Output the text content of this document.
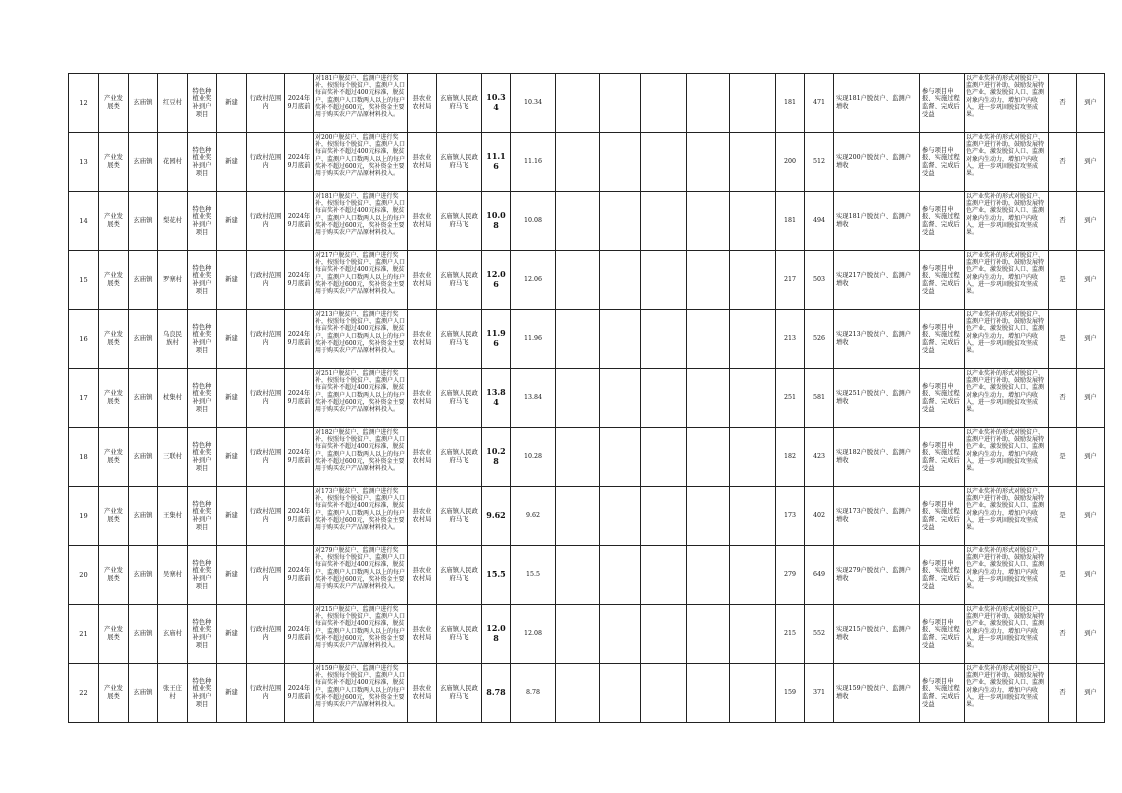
12	产业发展类	玄庙镇	红豆村	特色种植业奖补到户项目	新建	行政村范围内	2024年9月底前	对181户脱贫户、监测户进行奖补，按照每个脱贫户、监测户人口每亩奖补不超过400元标准，脱贫户、监测户人口数两人以上的每户奖补不超过600元，奖补资金主要用于购买农户产品原材料投入。	县农业农村局	玄庙镇人民政府马飞	10.34	10.34						181	471	实现181户脱贫户、监测户增收	参与项目申报、实施过程监督、完成后受益	以产业奖补的形式对脱贫户、监测户进行补助，鼓励发展特色产业，激发脱贫人口、监测对象内生动力，增加户内收入，进一步巩固脱贫攻坚成果。	否	到户
13	产业发展类	玄庙镇	花园村	特色种植业奖补到户项目	新建	行政村范围内	2024年9月底前	对200户脱贫户、监测户进行奖补，按照每个脱贫户、监测户人口每亩奖补不超过400元标准，脱贫户、监测户人口数两人以上的每户奖补不超过600元，奖补资金主要用于购买农户产品原材料投入。	县农业农村局	玄庙镇人民政府马飞	11.16	11.16						200	512	实现200户脱贫户、监测户增收	参与项目申报、实施过程监督、完成后受益	以产业奖补的形式对脱贫户、监测户进行补助，鼓励发展特色产业，激发脱贫人口、监测对象内生动力，增加户内收入，进一步巩固脱贫攻坚成果。	否	到户
14	产业发展类	玄庙镇	梨花村	特色种植业奖补到户项目	新建	行政村范围内	2024年9月底前	对181户脱贫户、监测户进行奖补，按照每个脱贫户、监测户人口每亩奖补不超过400元标准，脱贫户、监测户人口数两人以上的每户奖补不超过600元，奖补资金主要用于购买农户产品原材料投入。	县农业农村局	玄庙镇人民政府马飞	10.08	10.08						181	494	实现181户脱贫户、监测户增收	参与项目申报、实施过程监督、完成后受益	以产业奖补的形式对脱贫户、监测户进行补助，鼓励发展特色产业，激发脱贫人口、监测对象内生动力，增加户内收入，进一步巩固脱贫攻坚成果。	否	到户
15	产业发展类	玄庙镇	罗寨村	特色种植业奖补到户项目	新建	行政村范围内	2024年9月底前	对217户脱贫户、监测户进行奖补，按照每个脱贫户、监测户人口每亩奖补不超过400元标准，脱贫户、监测户人口数两人以上的每户奖补不超过600元，奖补资金主要用于购买农户产品原材料投入。	县农业农村局	玄庙镇人民政府马飞	12.06	12.06						217	503	实现217户脱贫户、监测户增收	参与项目申报、实施过程监督、完成后受益	以产业奖补的形式对脱贫户、监测户进行补助，鼓励发展特色产业，激发脱贫人口、监测对象内生动力，增加户内收入，进一步巩固脱贫攻坚成果。	是	到户
16	产业发展类	玄庙镇	乌良民族村	特色种植业奖补到户项目	新建	行政村范围内	2024年9月底前	对213户脱贫户、监测户进行奖补，按照每个脱贫户、监测户人口每亩奖补不超过400元标准，脱贫户、监测户人口数两人以上的每户奖补不超过600元，奖补资金主要用于购买农户产品原材料投入。	县农业农村局	玄庙镇人民政府马飞	11.96	11.96						213	526	实现213户脱贫户、监测户增收	参与项目申报、实施过程监督、完成后受益	以产业奖补的形式对脱贫户、监测户进行补助，鼓励发展特色产业，激发脱贫人口、监测对象内生动力，增加户内收入，进一步巩固脱贫攻坚成果。	是	到户
17	产业发展类	玄庙镇	杖集村	特色种植业奖补到户项目	新建	行政村范围内	2024年9月底前	对251户脱贫户、监测户进行奖补，按照每个脱贫户、监测户人口每亩奖补不超过400元标准，脱贫户、监测户人口数两人以上的每户奖补不超过600元，奖补资金主要用于购买农户产品原材料投入。	县农业农村局	玄庙镇人民政府马飞	13.84	13.84						251	581	实现251户脱贫户、监测户增收	参与项目申报、实施过程监督、完成后受益	以产业奖补的形式对脱贫户、监测户进行补助，鼓励发展特色产业，激发脱贫人口、监测对象内生动力，增加户内收入，进一步巩固脱贫攻坚成果。	否	到户
18	产业发展类	玄庙镇	三联村	特色种植业奖补到户项目	新建	行政村范围内	2024年9月底前	对182户脱贫户、监测户进行奖补，按照每个脱贫户、监测户人口每亩奖补不超过400元标准，脱贫户、监测户人口数两人以上的每户奖补不超过600元，奖补资金主要用于购买农户产品原材料投入。	县农业农村局	玄庙镇人民政府马飞	10.28	10.28						182	423	实现182户脱贫户、监测户增收	参与项目申报、实施过程监督、完成后受益	以产业奖补的形式对脱贫户、监测户进行补助，鼓励发展特色产业，激发脱贫人口、监测对象内生动力，增加户内收入，进一步巩固脱贫攻坚成果。	是	到户
19	产业发展类	玄庙镇	王集村	特色种植业奖补到户项目	新建	行政村范围内	2024年9月底前	对173户脱贫户、监测户进行奖补，按照每个脱贫户、监测户人口每亩奖补不超过400元标准，脱贫户、监测户人口数两人以上的每户奖补不超过600元，奖补资金主要用于购买农户产品原材料投入。	县农业农村局	玄庙镇人民政府马飞	9.62	9.62						173	402	实现173户脱贫户、监测户增收	参与项目申报、实施过程监督、完成后受益	以产业奖补的形式对脱贫户、监测户进行补助，鼓励发展特色产业，激发脱贫人口、监测对象内生动力，增加户内收入，进一步巩固脱贫攻坚成果。	是	到户
20	产业发展类	玄庙镇	吴寨村	特色种植业奖补到户项目	新建	行政村范围内	2024年9月底前	对279户脱贫户、监测户进行奖补，按照每个脱贫户、监测户人口每亩奖补不超过400元标准，脱贫户、监测户人口数两人以上的每户奖补不超过600元，奖补资金主要用于购买农户产品原材料投入。	县农业农村局	玄庙镇人民政府马飞	15.5	15.5						279	649	实现279户脱贫户、监测户增收	参与项目申报、实施过程监督、完成后受益	以产业奖补的形式对脱贫户、监测户进行补助，鼓励发展特色产业，激发脱贫人口、监测对象内生动力，增加户内收入，进一步巩固脱贫攻坚成果。	是	到户
21	产业发展类	玄庙镇	玄庙村	特色种植业奖补到户项目	新建	行政村范围内	2024年9月底前	对215户脱贫户、监测户进行奖补，按照每个脱贫户、监测户人口每亩奖补不超过400元标准，脱贫户、监测户人口数两人以上的每户奖补不超过600元，奖补资金主要用于购买农户产品原材料投入。	县农业农村局	玄庙镇人民政府马飞	12.08	12.08						215	552	实现215户脱贫户、监测户增收	参与项目申报、实施过程监督、完成后受益	以产业奖补的形式对脱贫户、监测户进行补助，鼓励发展特色产业，激发脱贫人口、监测对象内生动力，增加户内收入，进一步巩固脱贫攻坚成果。	否	到户
22	产业发展类	玄庙镇	张王庄村	特色种植业奖补到户项目	新建	行政村范围内	2024年9月底前	对159户脱贫户、监测户进行奖补，按照每个脱贫户、监测户人口每亩奖补不超过400元标准，脱贫户、监测户人口数两人以上的每户奖补不超过600元，奖补资金主要用于购买农户产品原材料投入。	县农业农村局	玄庙镇人民政府马飞	8.78	8.78						159	371	实现159户脱贫户、监测户增收	参与项目申报、实施过程监督、完成后受益	以产业奖补的形式对脱贫户、监测户进行补助，鼓励发展特色产业，激发脱贫人口、监测对象内生动力，增加户内收入，进一步巩固脱贫攻坚成果。	否	到户
